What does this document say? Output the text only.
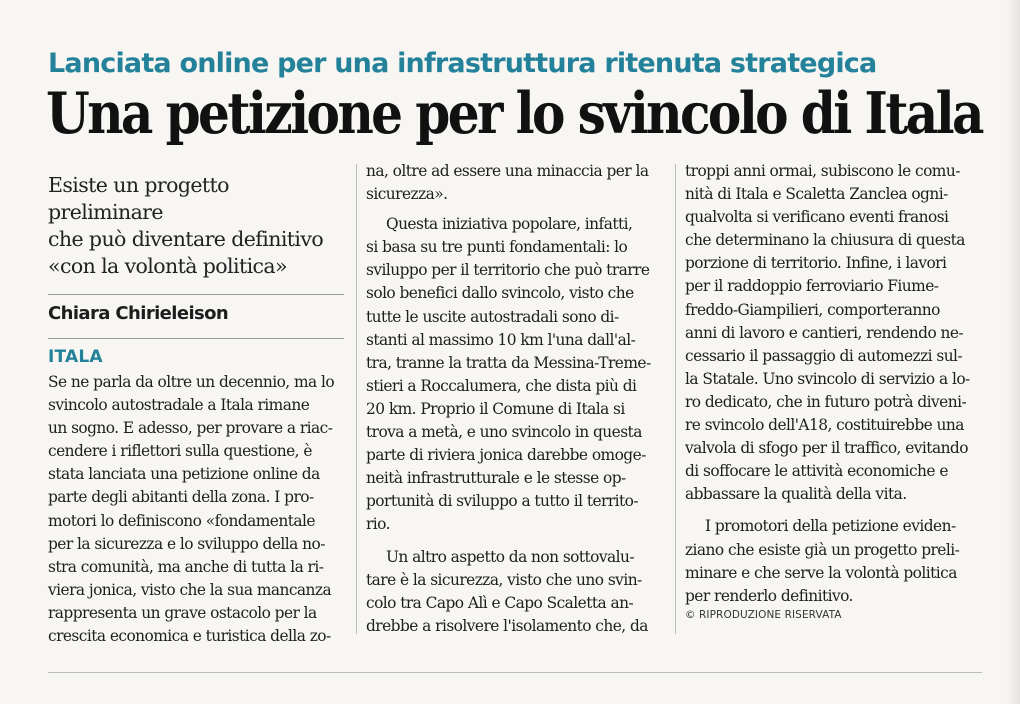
Lanciata online per una infrastruttura ritenuta strategica
Una petizione per lo svincolo di Itala

Esiste un progetto preliminare
che può diventare definitivo
«con la volontà politica»

Chiara Chirieleison
ITALA

Se ne parla da oltre un decennio, ma lo
svincolo autostradale a Itala rimane
un sogno. E adesso, per provare a riac-
cendere i riflettori sulla questione, è
stata lanciata una petizione online da
parte degli abitanti della zona. I pro-
motori lo definiscono «fondamentale
per la sicurezza e lo sviluppo della no-
stra comunità, ma anche di tutta la ri-
viera jonica, visto che la sua mancanza
rappresenta un grave ostacolo per la
crescita economica e turistica della zo-

na, oltre ad essere una minaccia per la
sicurezza».

Questa iniziativa popolare, infatti,
si basa su tre punti fondamentali: lo
sviluppo per il territorio che può trarre
solo benefici dallo svincolo, visto che
tutte le uscite autostradali sono di-
stanti al massimo 10 km l'una dall'al-
tra, tranne la tratta da Messina-Treme-
stieri a Roccalumera, che dista più di
20 km. Proprio il Comune di Itala si
trova a metà, e uno svincolo in questa
parte di riviera jonica darebbe omoge-
neità infrastrutturale e le stesse op-
portunità di sviluppo a tutto il territo-
rio.

Un altro aspetto da non sottovalu-
tare è la sicurezza, visto che uno svin-
colo tra Capo Alì e Capo Scaletta an-
drebbe a risolvere l'isolamento che, da

troppi anni ormai, subiscono le comu-
nità di Itala e Scaletta Zanclea ogni-
qualvolta si verificano eventi franosi
che determinano la chiusura di questa
porzione di territorio. Infine, i lavori
per il raddoppio ferroviario Fiume-
freddo-Giampilieri, comporteranno
anni di lavoro e cantieri, rendendo ne-
cessario il passaggio di automezzi sul-
la Statale. Uno svincolo di servizio a lo-
ro dedicato, che in futuro potrà diveni-
re svincolo dell'A18, costituirebbe una
valvola di sfogo per il traffico, evitando
di soffocare le attività economiche e
abbassare la qualità della vita.

I promotori della petizione eviden-
ziano che esiste già un progetto preli-
minare e che serve la volontà politica
per renderlo definitivo.

© RIPRODUZIONE RISERVATA
